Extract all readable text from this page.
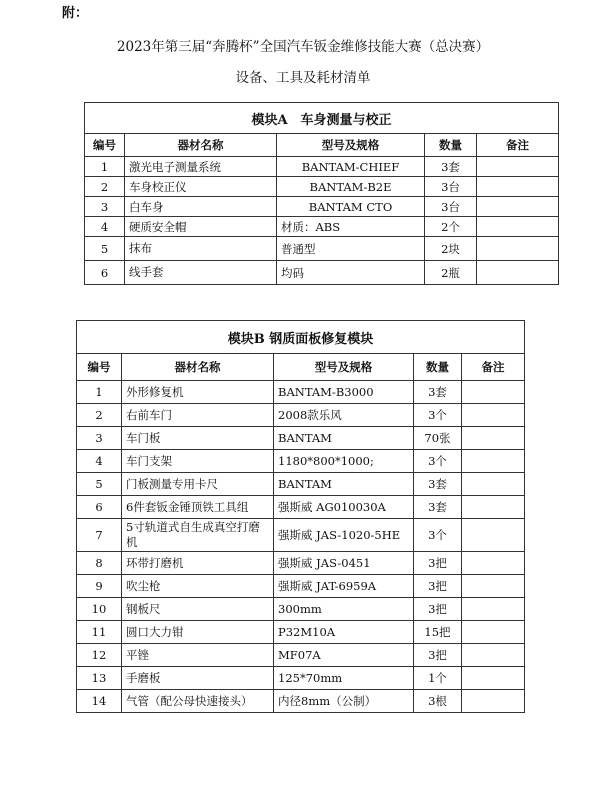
附：
2023年第三届“奔腾杯”全国汽车钣金维修技能大赛（总决赛）
设备、工具及耗材清单
模块A　车身测量与校正				
编号	器材名称	型号及规格	数量	备注
1	激光电子测量系统	BANTAM-CHIEF	3套	
2	车身校正仪	BANTAM-B2E	3台	
3	白车身	BANTAM CTO	3台	
4	硬质安全帽	材质：ABS	2个	
5	抹布	普通型	2块	
6	线手套	均码	2瓶	
模块B 钢质面板修复模块				
编号	器材名称	型号及规格	数量	备注
1	外形修复机	BANTAM-B3000	3套	
2	右前车门	2008款乐风	3个	
3	车门板	BANTAM	70张	
4	车门支架	1180*800*1000;	3个	
5	门板测量专用卡尺	BANTAM	3套	
6	6件套钣金锤顶铁工具组	强斯威 AG010030A	3套	
7	5寸轨道式自生成真空打磨机	强斯威 JAS-1020-5HE	3个	
8	环带打磨机	强斯威 JAS-0451	3把	
9	吹尘枪	强斯威 JAT-6959A	3把	
10	钢板尺	300mm	3把	
11	圆口大力钳	P32M10A	15把	
12	平锉	MF07A	3把	
13	手磨板	125*70mm	1个	
14	气管（配公母快速接头）	内径8mm（公制）	3根	
